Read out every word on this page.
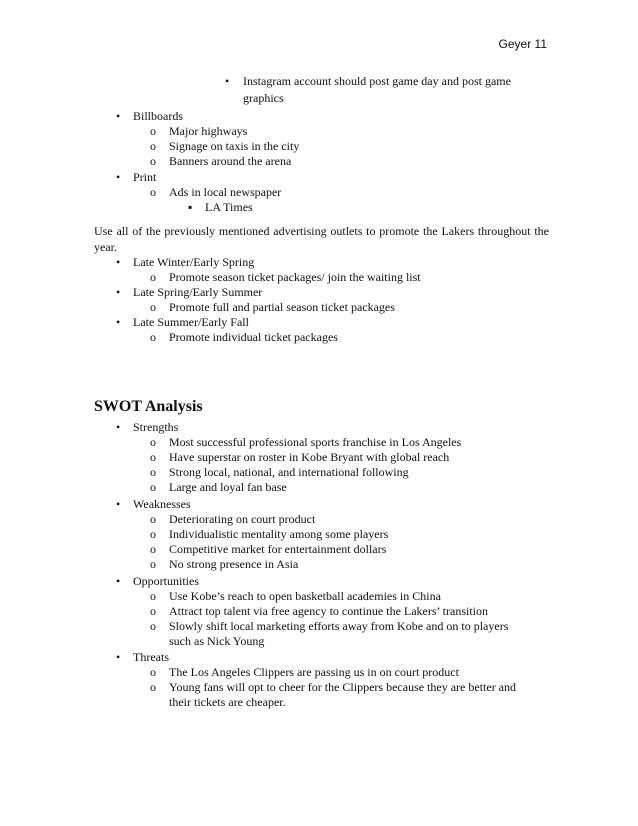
Geyer 11
• Instagram account should post game day and post game
graphics
• Billboards
o Major highways
o Signage on taxis in the city
o Banners around the arena
• Print
o Ads in local newspaper
▪ LA Times
Use all of the previously mentioned advertising outlets to promote the Lakers throughout the year.
• Late Winter/Early Spring
o Promote season ticket packages/ join the waiting list
• Late Spring/Early Summer
o Promote full and partial season ticket packages
• Late Summer/Early Fall
o Promote individual ticket packages
SWOT Analysis
• Strengths
o Most successful professional sports franchise in Los Angeles
o Have superstar on roster in Kobe Bryant with global reach
o Strong local, national, and international following
o Large and loyal fan base
• Weaknesses
o Deteriorating on court product
o Individualistic mentality among some players
o Competitive market for entertainment dollars
o No strong presence in Asia
• Opportunities
o Use Kobe’s reach to open basketball academies in China
o Attract top talent via free agency to continue the Lakers’ transition
o Slowly shift local marketing efforts away from Kobe and on to players
such as Nick Young
• Threats
o The Los Angeles Clippers are passing us in on court product
o Young fans will opt to cheer for the Clippers because they are better and
their tickets are cheaper.
